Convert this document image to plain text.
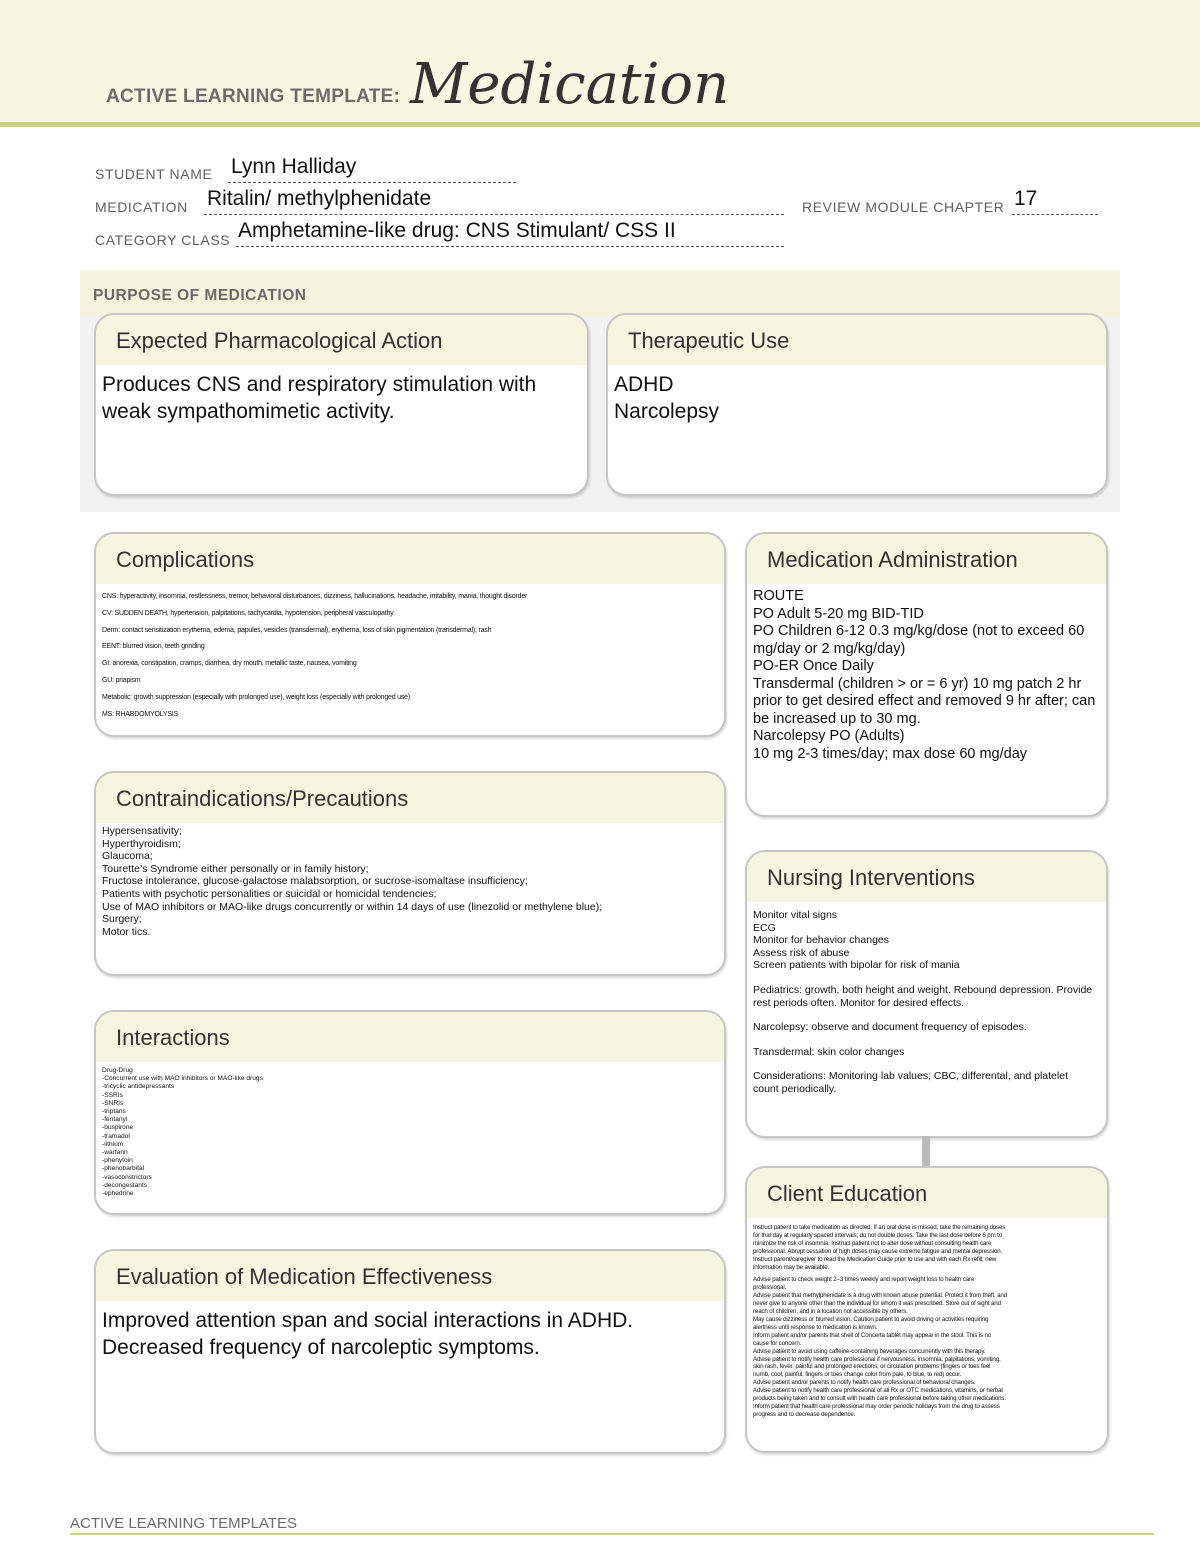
ACTIVE LEARNING TEMPLATE: Medication
STUDENT NAME Lynn Halliday
MEDICATION Ritalin/ methylphenidate	REVIEW MODULE CHAPTER 17
CATEGORY CLASS Amphetamine-like drug: CNS Stimulant/ CSS II
PURPOSE OF MEDICATION
Expected Pharmacological Action
Produces CNS and respiratory stimulation with weak sympathomimetic activity.
Therapeutic Use
ADHD
Narcolepsy
Complications
CNS: hyperactivity, insomnia, restlessness, tremor, behavioral disturbances, dizziness, hallucinations, headache, irritability, mania, thought disorder
CV: SUDDEN DEATH, hypertension, palpitations, tachycardia, hypotension, peripheral vasculopathy
Derm: contact sensitization erythema, edema, papules, vesicles (transdermal), erythema, loss of skin pigmentation (transdermal), rash
EENT: blurred vision, teeth grinding
GI: anorexia, constipation, cramps, diarrhea, dry mouth, metallic taste, nausea, vomiting
GU: priapism
Metabolic: growth suppression (especially with prolonged use), weight loss (especially with prolonged use)
MS: RHABDOMYOLYSIS
Medication Administration
ROUTE
PO Adult 5-20 mg BID-TID
PO Children 6-12 0.3 mg/kg/dose (not to exceed 60 mg/day or 2 mg/kg/day)
PO-ER Once Daily
Transdermal (children > or = 6 yr) 10 mg patch 2 hr prior to get desired effect and removed 9 hr after; can be increased up to 30 mg.
Narcolepsy PO (Adults)
10 mg 2-3 times/day; max dose 60 mg/day
Contraindications/Precautions
Hypersensativity;
Hyperthyroidism;
Glaucoma;
Tourette’s Syndrome either personally or in family history;
Fructose intolerance, glucose-galactose malabsorption, or sucrose-isomaltase insufficiency;
Patients with psychotic personalities or suicidal or homicidal tendencies;
Use of MAO inhibitors or MAO-like drugs concurrently or within 14 days of use (linezolid or methylene blue);
Surgery;
Motor tics.
Nursing Interventions
Monitor vital signs
ECG
Monitor for behavior changes
Assess risk of abuse
Screen patients with bipolar for risk of mania
Pediatrics: growth, both height and weight. Rebound depression. Provide rest periods often. Monitor for desired effects.
Narcolepsy: observe and document frequency of episodes.
Transdermal: skin color changes
Considerations: Monitoring lab values; CBC, differental, and platelet count periodically.
Interactions
Drug-Drug
-Concurrent use with MAO inhibitors or MAO-like drugs
-tricyclic antidepressants
-SSRIs
-SNRIs
-triptans
-fentanyl
-buspirone
-tramadol
-lithium
-warfarin
-phenytoin
-phenobarbital
-vasoconstrictors
-decongestants
-ephedrine	Client Education
Instruct patient to take medication as directed. If an oral dose is missed, take the remaining doses
for that day at regularly spaced intervals; do not double doses. Take the last dose before 6 pm to
minimize the risk of insomnia. Instruct patient not to alter dose without consulting health care
professional. Abrupt cessation of high doses may cause extreme fatigue and mental depression.
Instruct parent/caregiver to read the Medication Guide prior to use and with each Rx refill; new
information may be available.
Advise patient to check weight 2–3 times weekly and report weight loss to health care
professional.
Advise patient that methylphenidate is a drug with known abuse potential. Protect it from theft, and
never give to anyone other than the individual for whom it was prescribed. Store out of sight and
reach of children, and in a location not accessible by others.
May cause dizziness or blurred vision. Caution patient to avoid driving or activities requiring
alertness until response to medication is known.
Inform patient and/or parents that shell of Concerta tablet may appear in the stool. This is no
cause for concern.
Advise patient to avoid using caffeine-containing beverages concurrently with this therapy.
Advise patient to notify health care professional if nervousness, insomnia, palpitations, vomiting,
skin rash, fever, painful and prolonged erections, or circulation problems (fingers or toes feel
numb, cool, painful, fingers or toes change color from pale, to blue, to red) occur.
Advise patient and/or parents to notify health care professional of behavioral changes.
Advise patient to notify health care professional of all Rx or OTC medications, vitamins, or herbal
products being taken and to consult with health care professional before taking other medications.
Inform patient that health care professional may order periodic holidays from the drug to assess
progress and to decrease dependence.
Evaluation of Medication Effectiveness
Improved attention span and social interactions in ADHD.
Decreased frequency of narcoleptic symptoms.
ACTIVE LEARNING TEMPLATES
